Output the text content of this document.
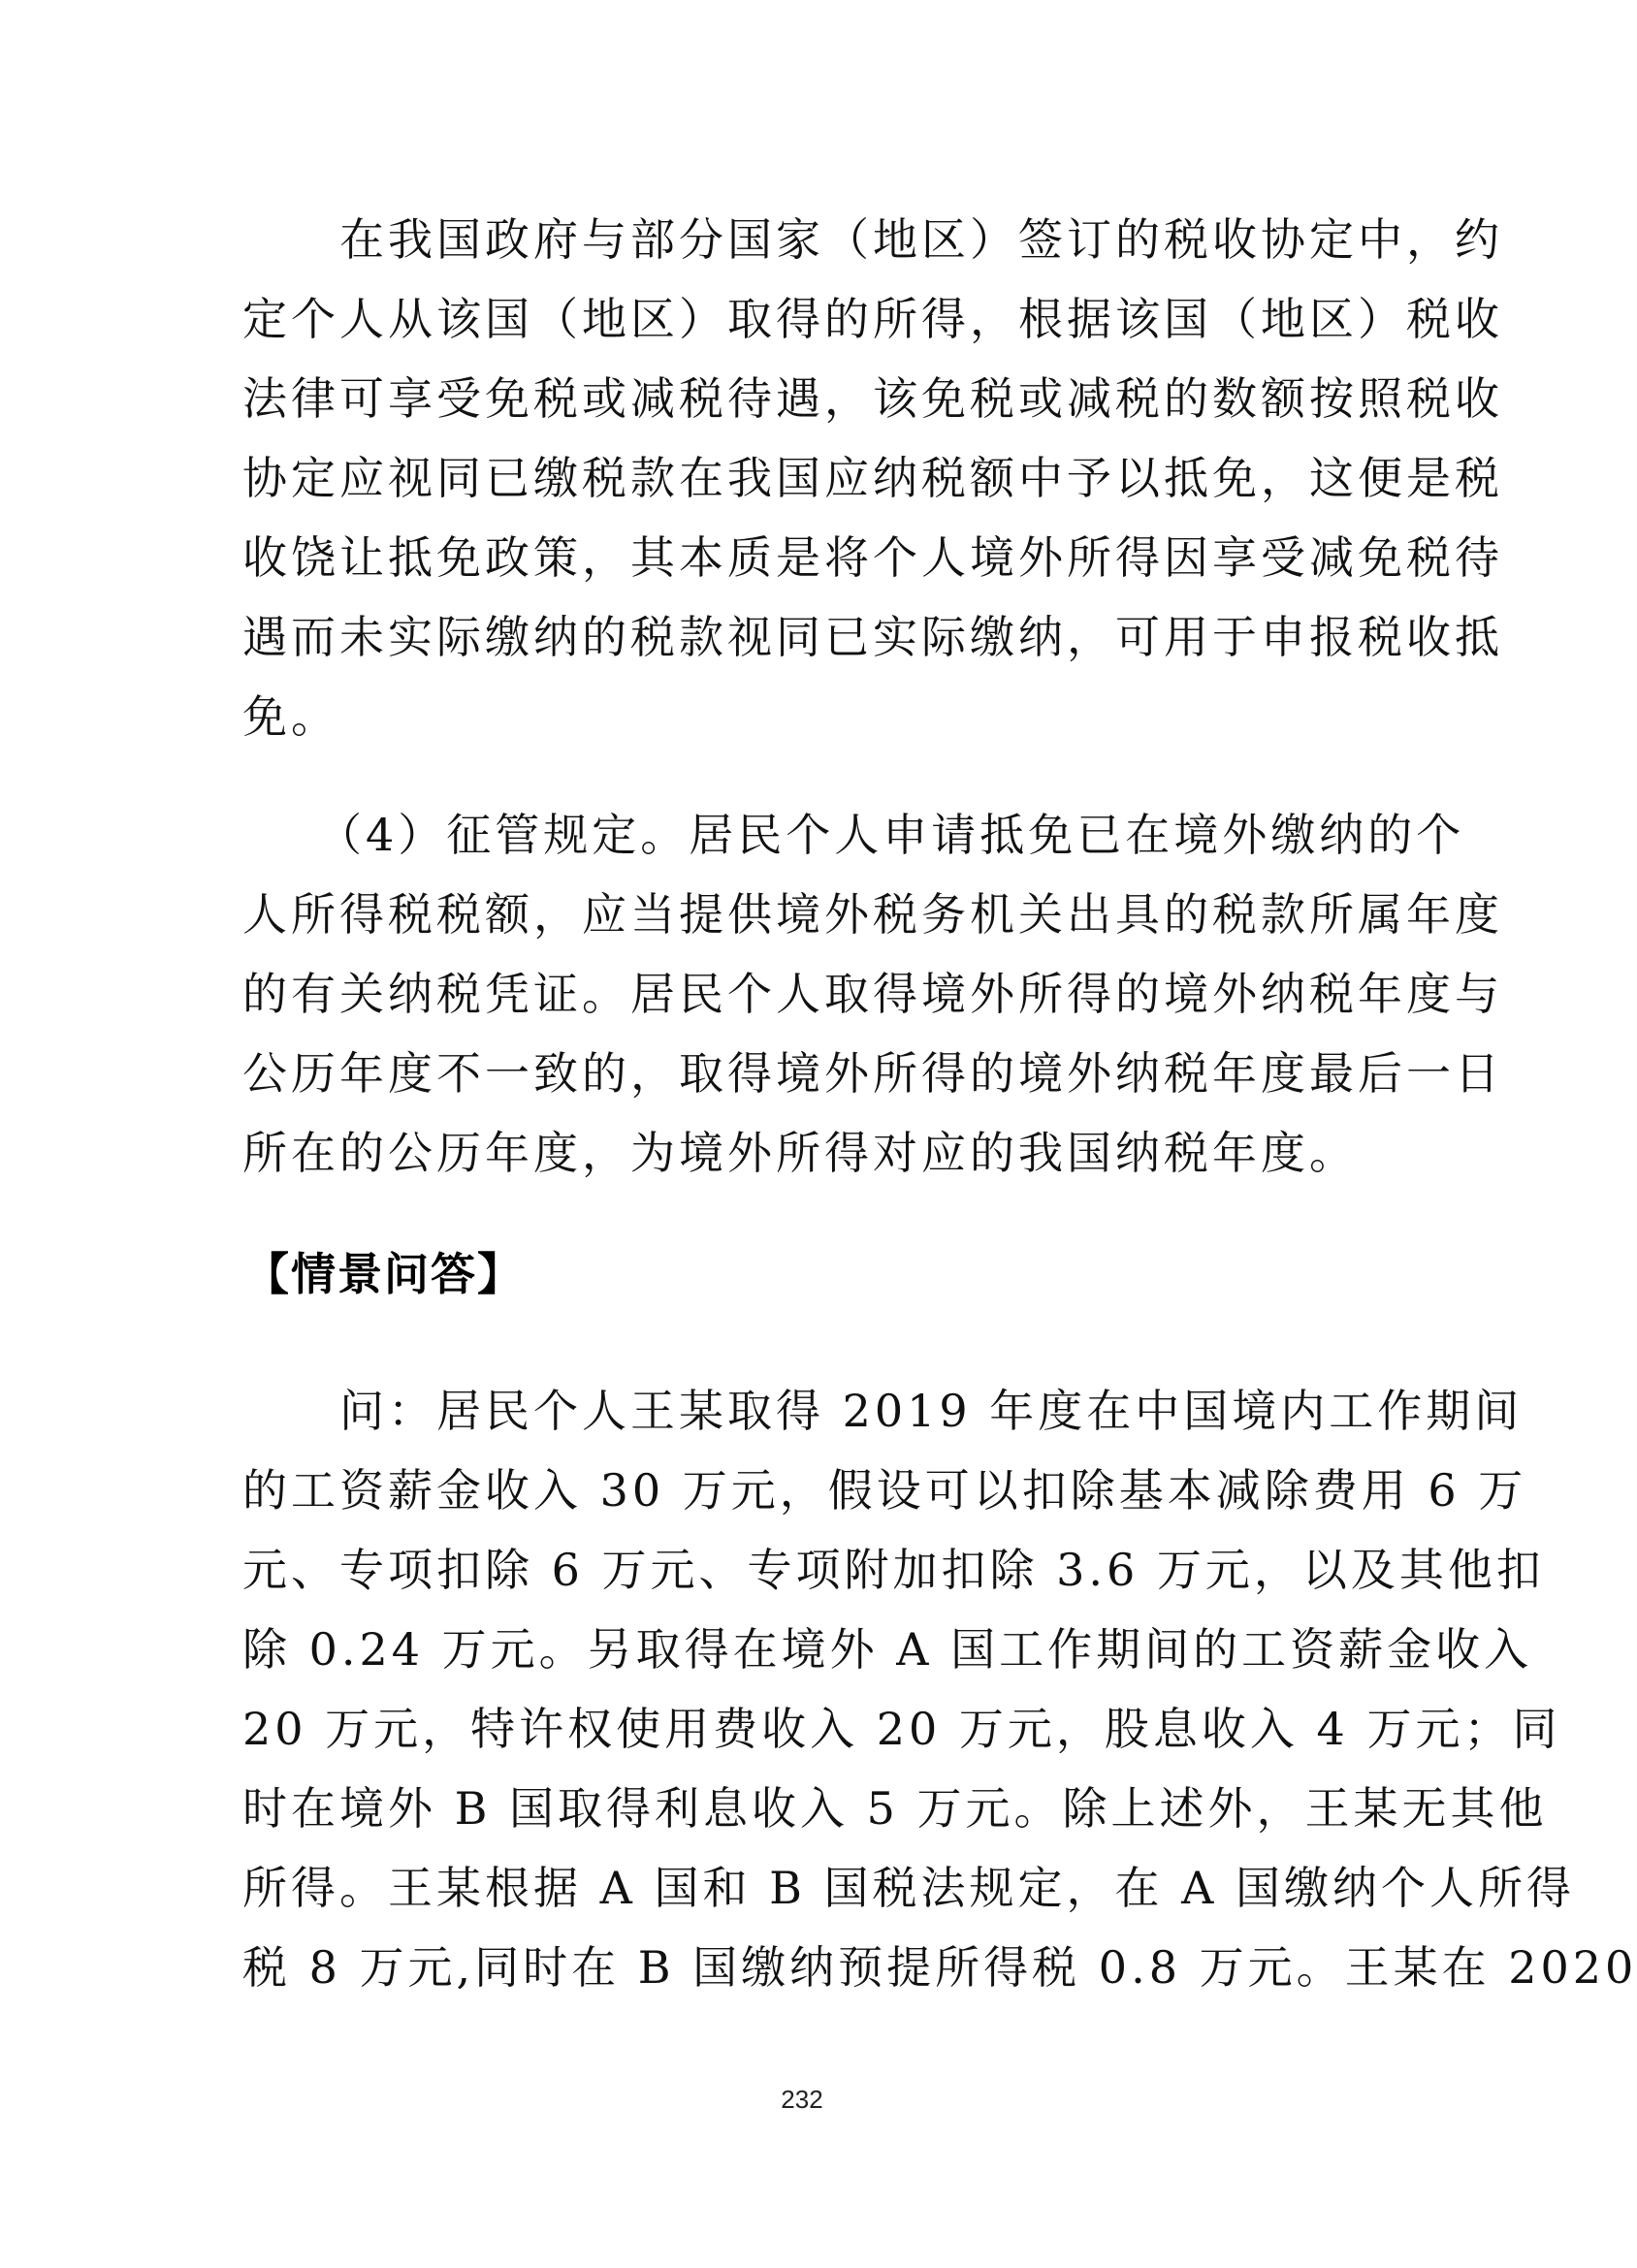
　　在我国政府与部分国家（地区）签订的税收协定中，约
定个人从该国（地区）取得的所得，根据该国（地区）税收
法律可享受免税或减税待遇，该免税或减税的数额按照税收
协定应视同已缴税款在我国应纳税额中予以抵免，这便是税
收饶让抵免政策，其本质是将个人境外所得因享受减免税待
遇而未实际缴纳的税款视同已实际缴纳，可用于申报税收抵
免。
　　（4）征管规定。居民个人申请抵免已在境外缴纳的个
人所得税税额，应当提供境外税务机关出具的税款所属年度
的有关纳税凭证。居民个人取得境外所得的境外纳税年度与
公历年度不一致的，取得境外所得的境外纳税年度最后一日
所在的公历年度，为境外所得对应的我国纳税年度。
【情景问答】
　　问：居民个人王某取得 2019 年度在中国境内工作期间
的工资薪金收入 30 万元，假设可以扣除基本减除费用 6 万
元、专项扣除 6 万元、专项附加扣除 3.6 万元，以及其他扣
除 0.24 万元。另取得在境外 A 国工作期间的工资薪金收入
20 万元，特许权使用费收入 20 万元，股息收入 4 万元；同
时在境外 B 国取得利息收入 5 万元。除上述外，王某无其他
所得。王某根据 A 国和 B 国税法规定，在 A 国缴纳个人所得
税 8 万元,同时在 B 国缴纳预提所得税 0.8 万元。王某在 2020
232
